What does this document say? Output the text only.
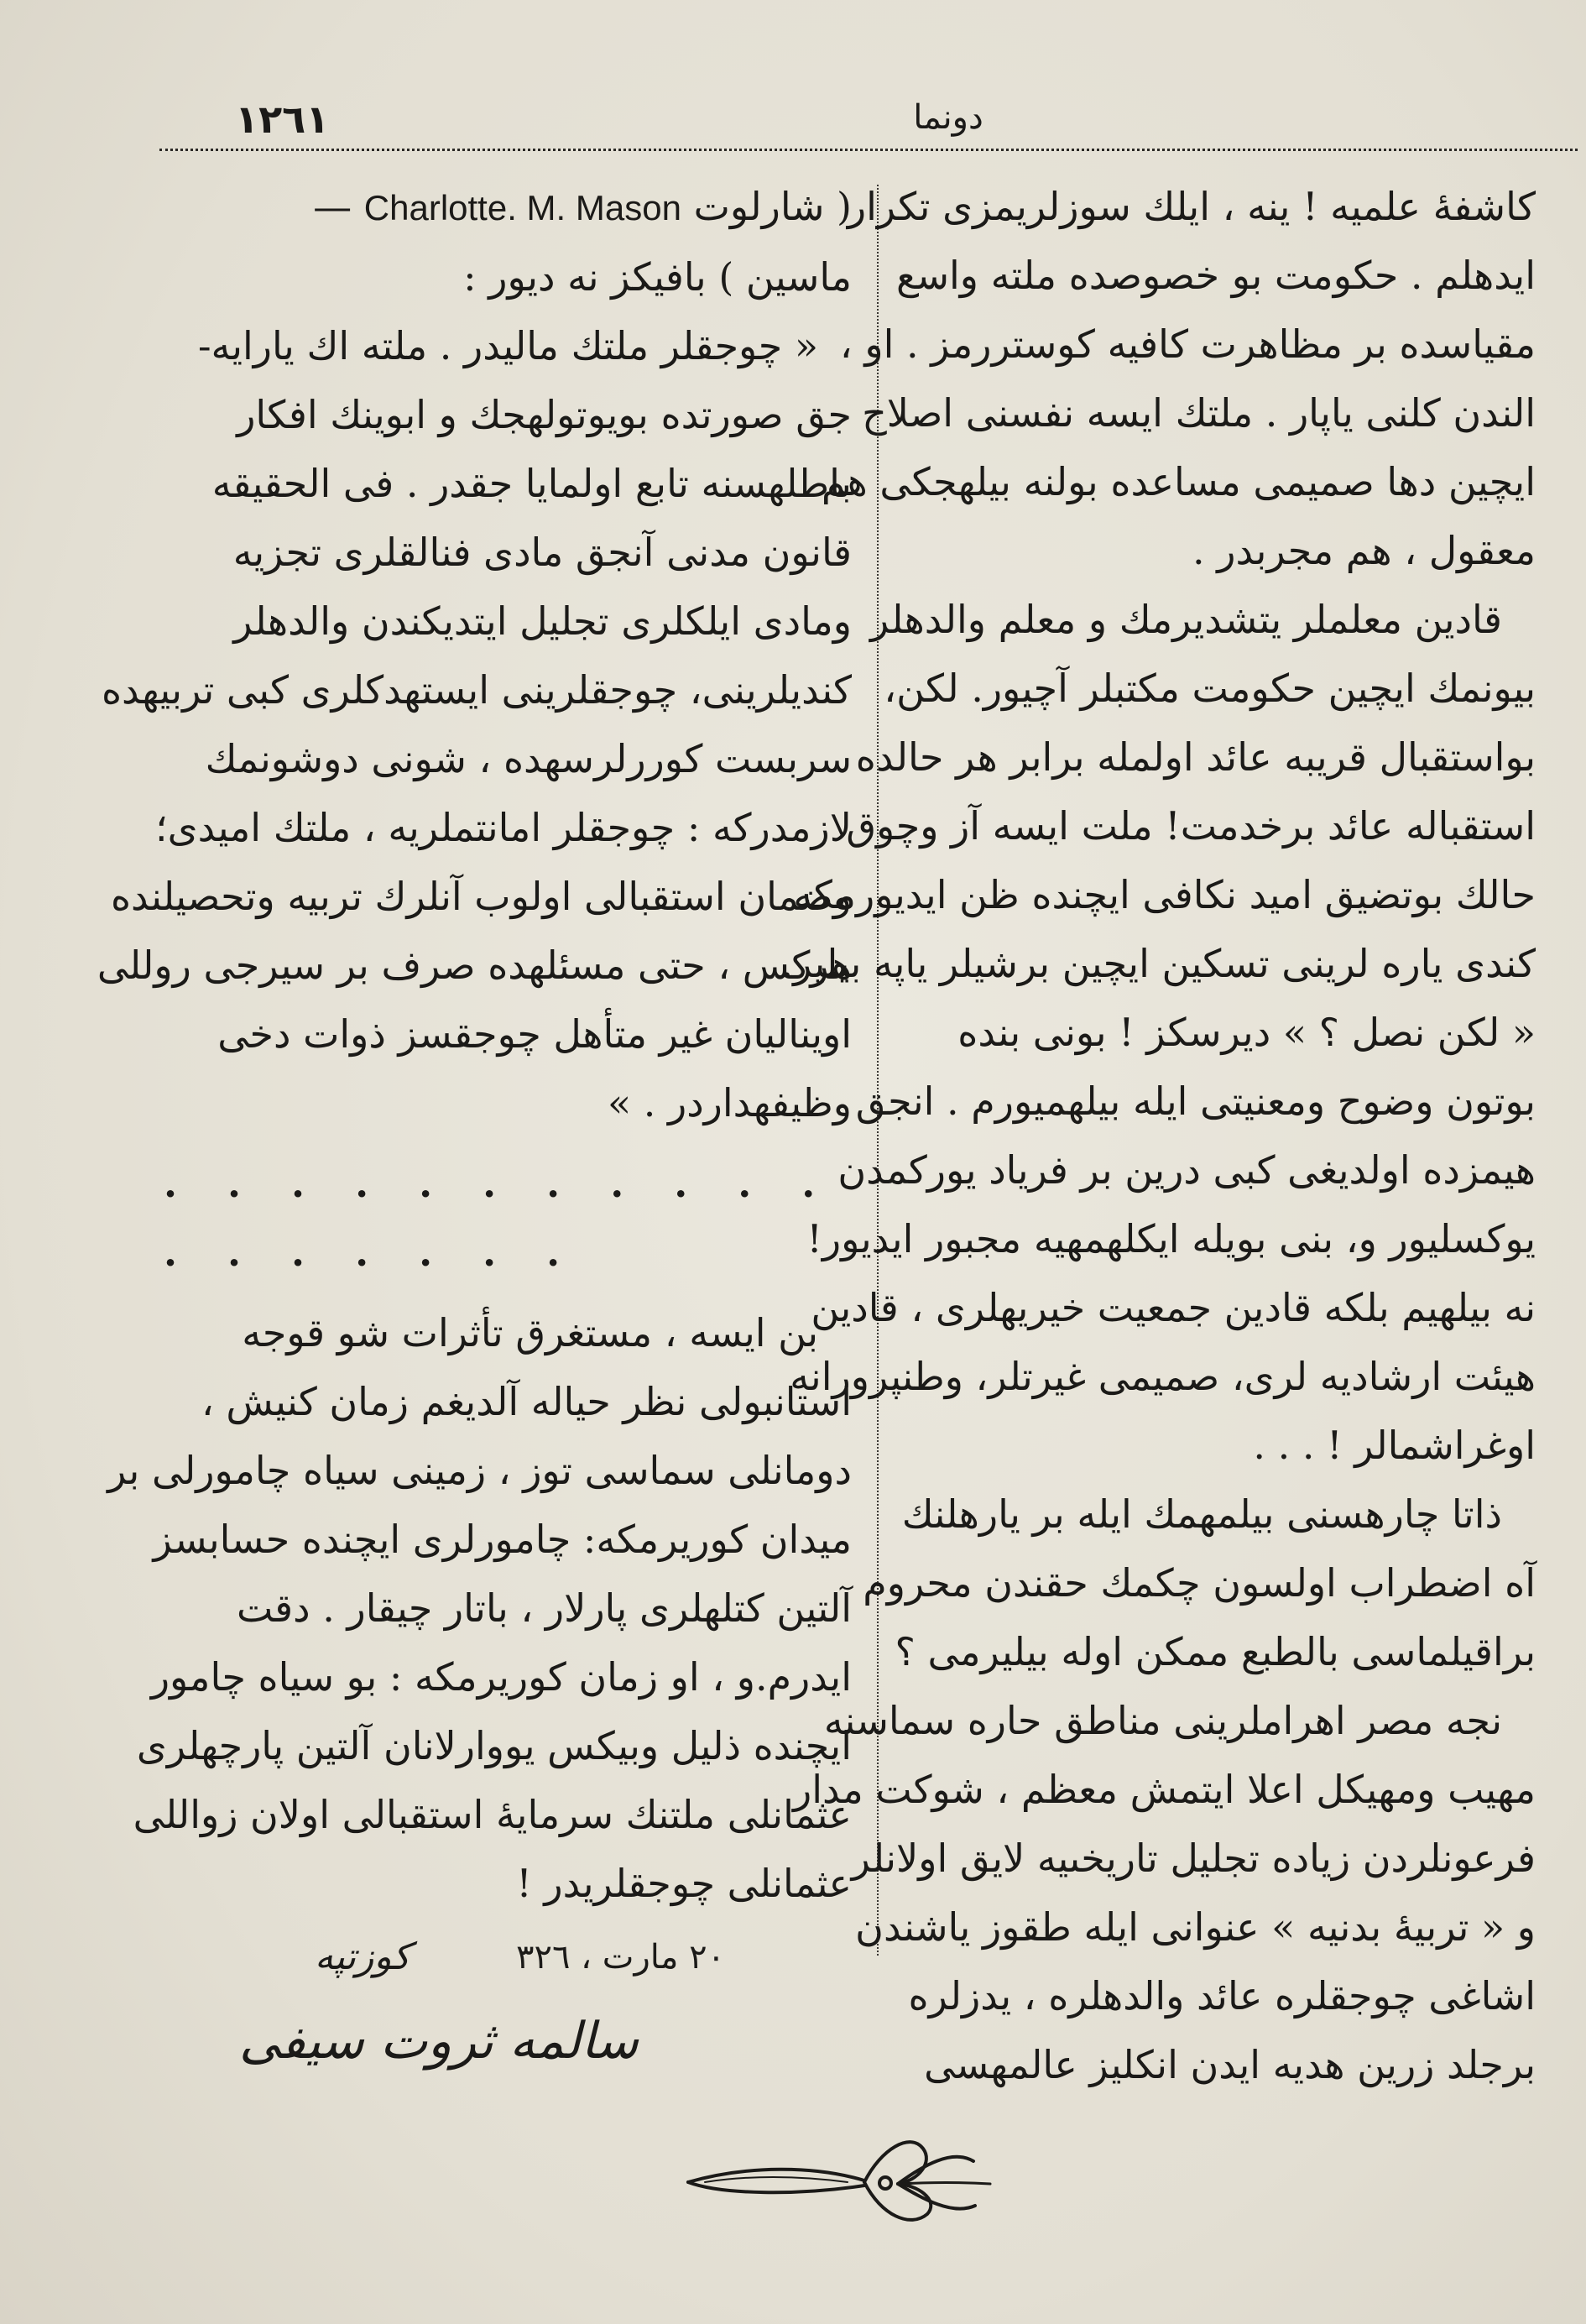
١٢٦١	دونما

كاشفهٔ علميه ! ينه ، ايلك سوزلريمزى تكرار
ايدهلم . حكومت بو خصوصده ملته واسع
مقياسده بر مظاهرت كافيه كوستررمز . او ،
الندن كلنى ياپار . ملتك ايسه نفسنى اصلاح
ايچين دها صميمى مساعده بولنه بيلهجكى هم
معقول ، هم مجربدر .

قادين معلملر يتشديرمك و معلم والدهلر
بيونمك ايچين حكومت مكتبلر آچيور. لكن،
بواستقبال قريبه عائد اولمله برابر هر حالده
استقباله عائد برخدمت! ملت ايسه آز وچوق
حالك بوتضيق اميد نكافى ايچنده ظن ايديورمكه
كندى ياره لرينى تسكين ايچين برشيلر ياپه بيلير.
« لكن نصل ؟ » ديرسكز ! بونى بنده
بوتون وضوح ومعنيتى ايله بيلهميورم . انجق
هيمزده اولديغى كبى درين بر فرياد يوركمدن
يوكسليور و، بنى بويله ايكلهمهيه مجبور ايديور!
نه بيلهيم بلكه قادين جمعيت خيريهلرى ، قادين
هيئت ارشاديه لرى، صميمى غيرتلر، وطنپرورانه
اوغراشمالر ! . . .

ذاتا چارهسنى بيلمهمك ايله بر يارهلنك
آه اضطراب اولسون چكمك حقندن محروم
براقيلماسى بالطبع ممكن اوله بيليرمى ؟

نجه مصر اهراملرينى مناطق حاره سماسنه
مهيب ومهيكل اعلا ايتمش معظم ، شوكت مدار
فرعونلردن زياده تجليل تاريخىيه لايق اولانلر
و « تربيهٔ بدنيه » عنوانى ايله طقوز ياشندن
اشاغى چوجقلره عائد والدهلره ، يدزلره
برجلد زرين هديه ايدن انكليز عالمهسى

( شارلوت Charlotte. M. Mason —
ماسين ) بافيكز نه ديور :
« چوجقلر ملتك ماليدر . ملته اك يارايه-
جق صورتده بويوتولهجك و ابوينك افكار
باطلهسنه تابع اولمايا جقدر . فى الحقيقه
قانون مدنى آنجق مادى فنالقلرى تجزيه
ومادى ايلكلرى تجليل ايتديكندن والدهلر
كنديلرينى، چوجقلرينى ايستهدكلرى كبى تربيهده
سربست كوررلرسهده ، شونى دوشونمك
لازمدركه : چوجقلر امانتملريه ، ملتك اميدى؛
وضمان استقبالى اولوب آنلرك تربيه وتحصيلنده
هركس ، حتى مسئلهده صرف بر سيرجى روللى
اويناليان غير متأهل چوجقسز ذوات دخى
وظيفهداردر . »

. . . . . . . . . . . . . . . . . .

بن ايسه ، مستغرق تأثرات شو قوجه
استانبولى نظر حياله آلديغم زمان كنيش ،
دومانلى سماسى توز ، زمينى سياه چامورلى بر
ميدان كوريرمكه: چامورلرى ايچنده حسابسز
آلتين كتلهلرى پارلار ، باتار چيقار . دقت
ايدرم.و ، او زمان كوريرمكه : بو سياه چامور
ايچنده ذليل وبيكس يووارلانان آلتين پارچهلرى
عثمانلى ملتنك سرمايهٔ استقبالى اولان زواللى
عثمانلى چوجقلريدر !

٢٠ مارت ، ٣٢٦
كوزتپه
سالمه ثروت سيفى
